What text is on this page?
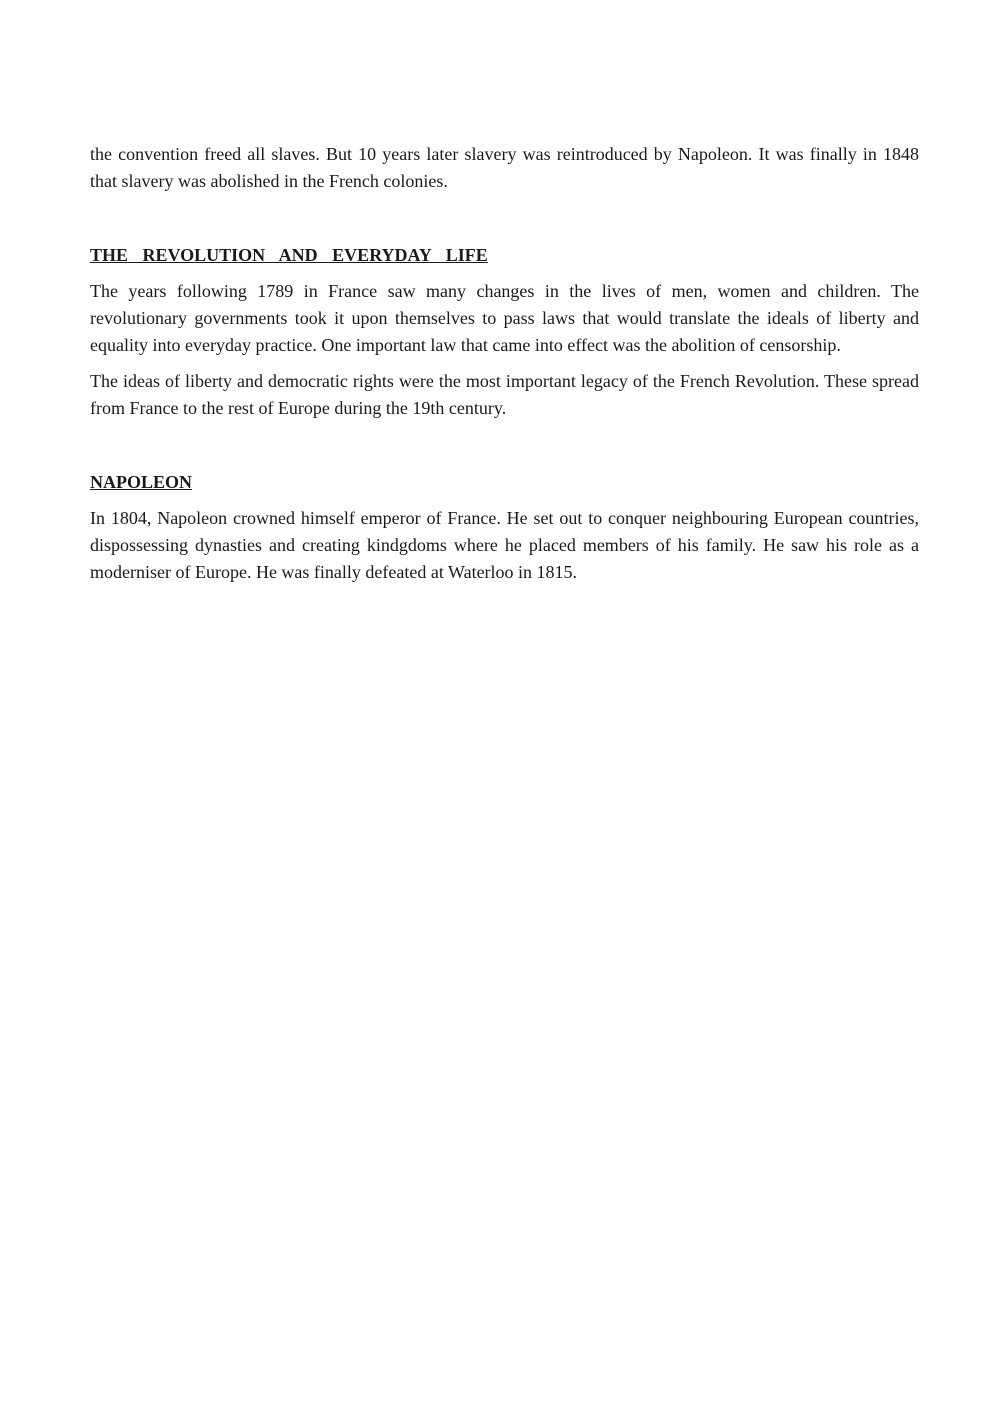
the convention freed all slaves. But 10 years later slavery was reintroduced by Napoleon. It was finally in 1848 that slavery was abolished in the French colonies.

THE REVOLUTION AND EVERYDAY LIFE

The years following 1789 in France saw many changes in the lives of men, women and children. The revolutionary governments took it upon themselves to pass laws that would translate the ideals of liberty and equality into everyday practice. One important law that came into effect was the abolition of censorship.

The ideas of liberty and democratic rights were the most important legacy of the French Revolution. These spread from France to the rest of Europe during the 19th century.

NAPOLEON

In 1804, Napoleon crowned himself emperor of France. He set out to conquer neighbouring European countries, dispossessing dynasties and creating kindgdoms where he placed members of his family. He saw his role as a moderniser of Europe. He was finally defeated at Waterloo in 1815.
